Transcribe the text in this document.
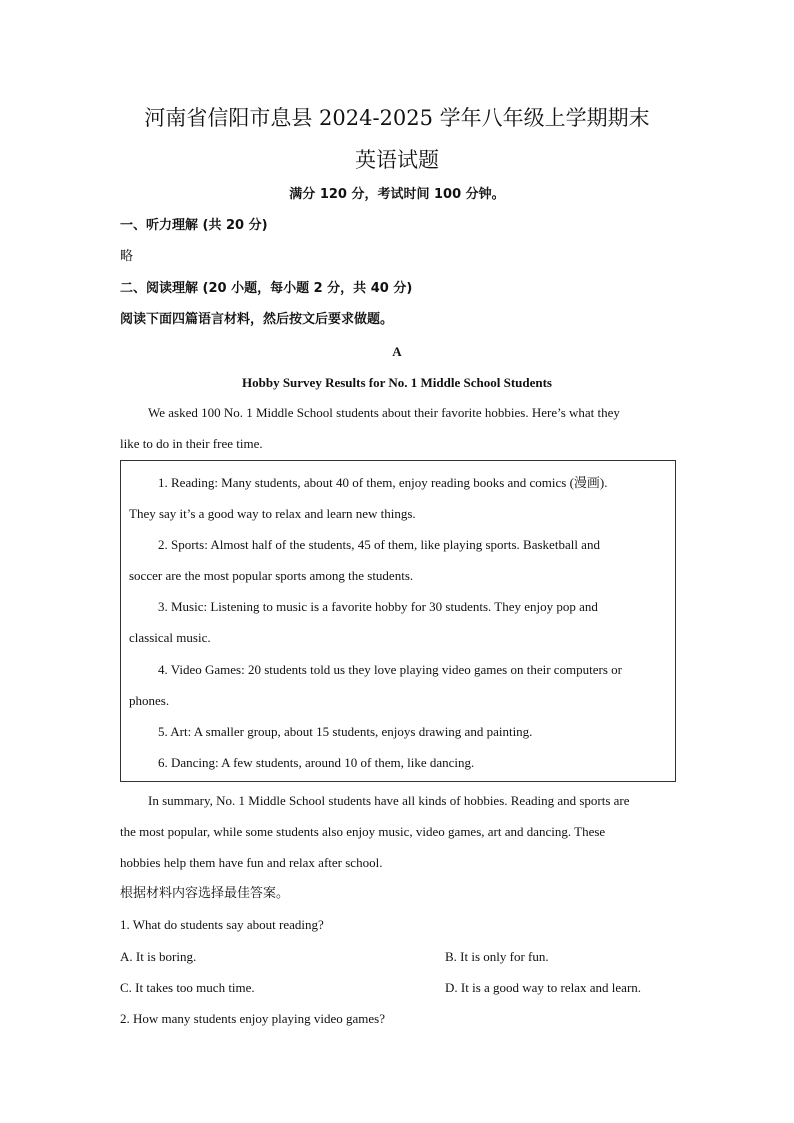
河南省信阳市息县 2024-2025 学年八年级上学期期末
英语试题
满分 120 分，考试时间 100 分钟。
一、听力理解 (共 20 分)
略
二、阅读理解 (20 小题，每小题 2 分，共 40 分)
阅读下面四篇语言材料，然后按文后要求做题。
A
Hobby Survey Results for No. 1 Middle School Students
We asked 100 No. 1 Middle School students about their favorite hobbies. Here’s what they
like to do in their free time.
1. Reading: Many students, about 40 of them, enjoy reading books and comics (漫画).
They say it’s a good way to relax and learn new things.
2. Sports: Almost half of the students, 45 of them, like playing sports. Basketball and
soccer are the most popular sports among the students.
3. Music: Listening to music is a favorite hobby for 30 students. They enjoy pop and
classical music.
4. Video Games: 20 students told us they love playing video games on their computers or
phones.
5. Art: A smaller group, about 15 students, enjoys drawing and painting.
6. Dancing: A few students, around 10 of them, like dancing.
In summary, No. 1 Middle School students have all kinds of hobbies. Reading and sports are
the most popular, while some students also enjoy music, video games, art and dancing. These
hobbies help them have fun and relax after school.
根据材料内容选择最佳答案。
1. What do students say about reading?
A. It is boring.	B. It is only for fun.
C. It takes too much time.	D. It is a good way to relax and learn.
2. How many students enjoy playing video games?
